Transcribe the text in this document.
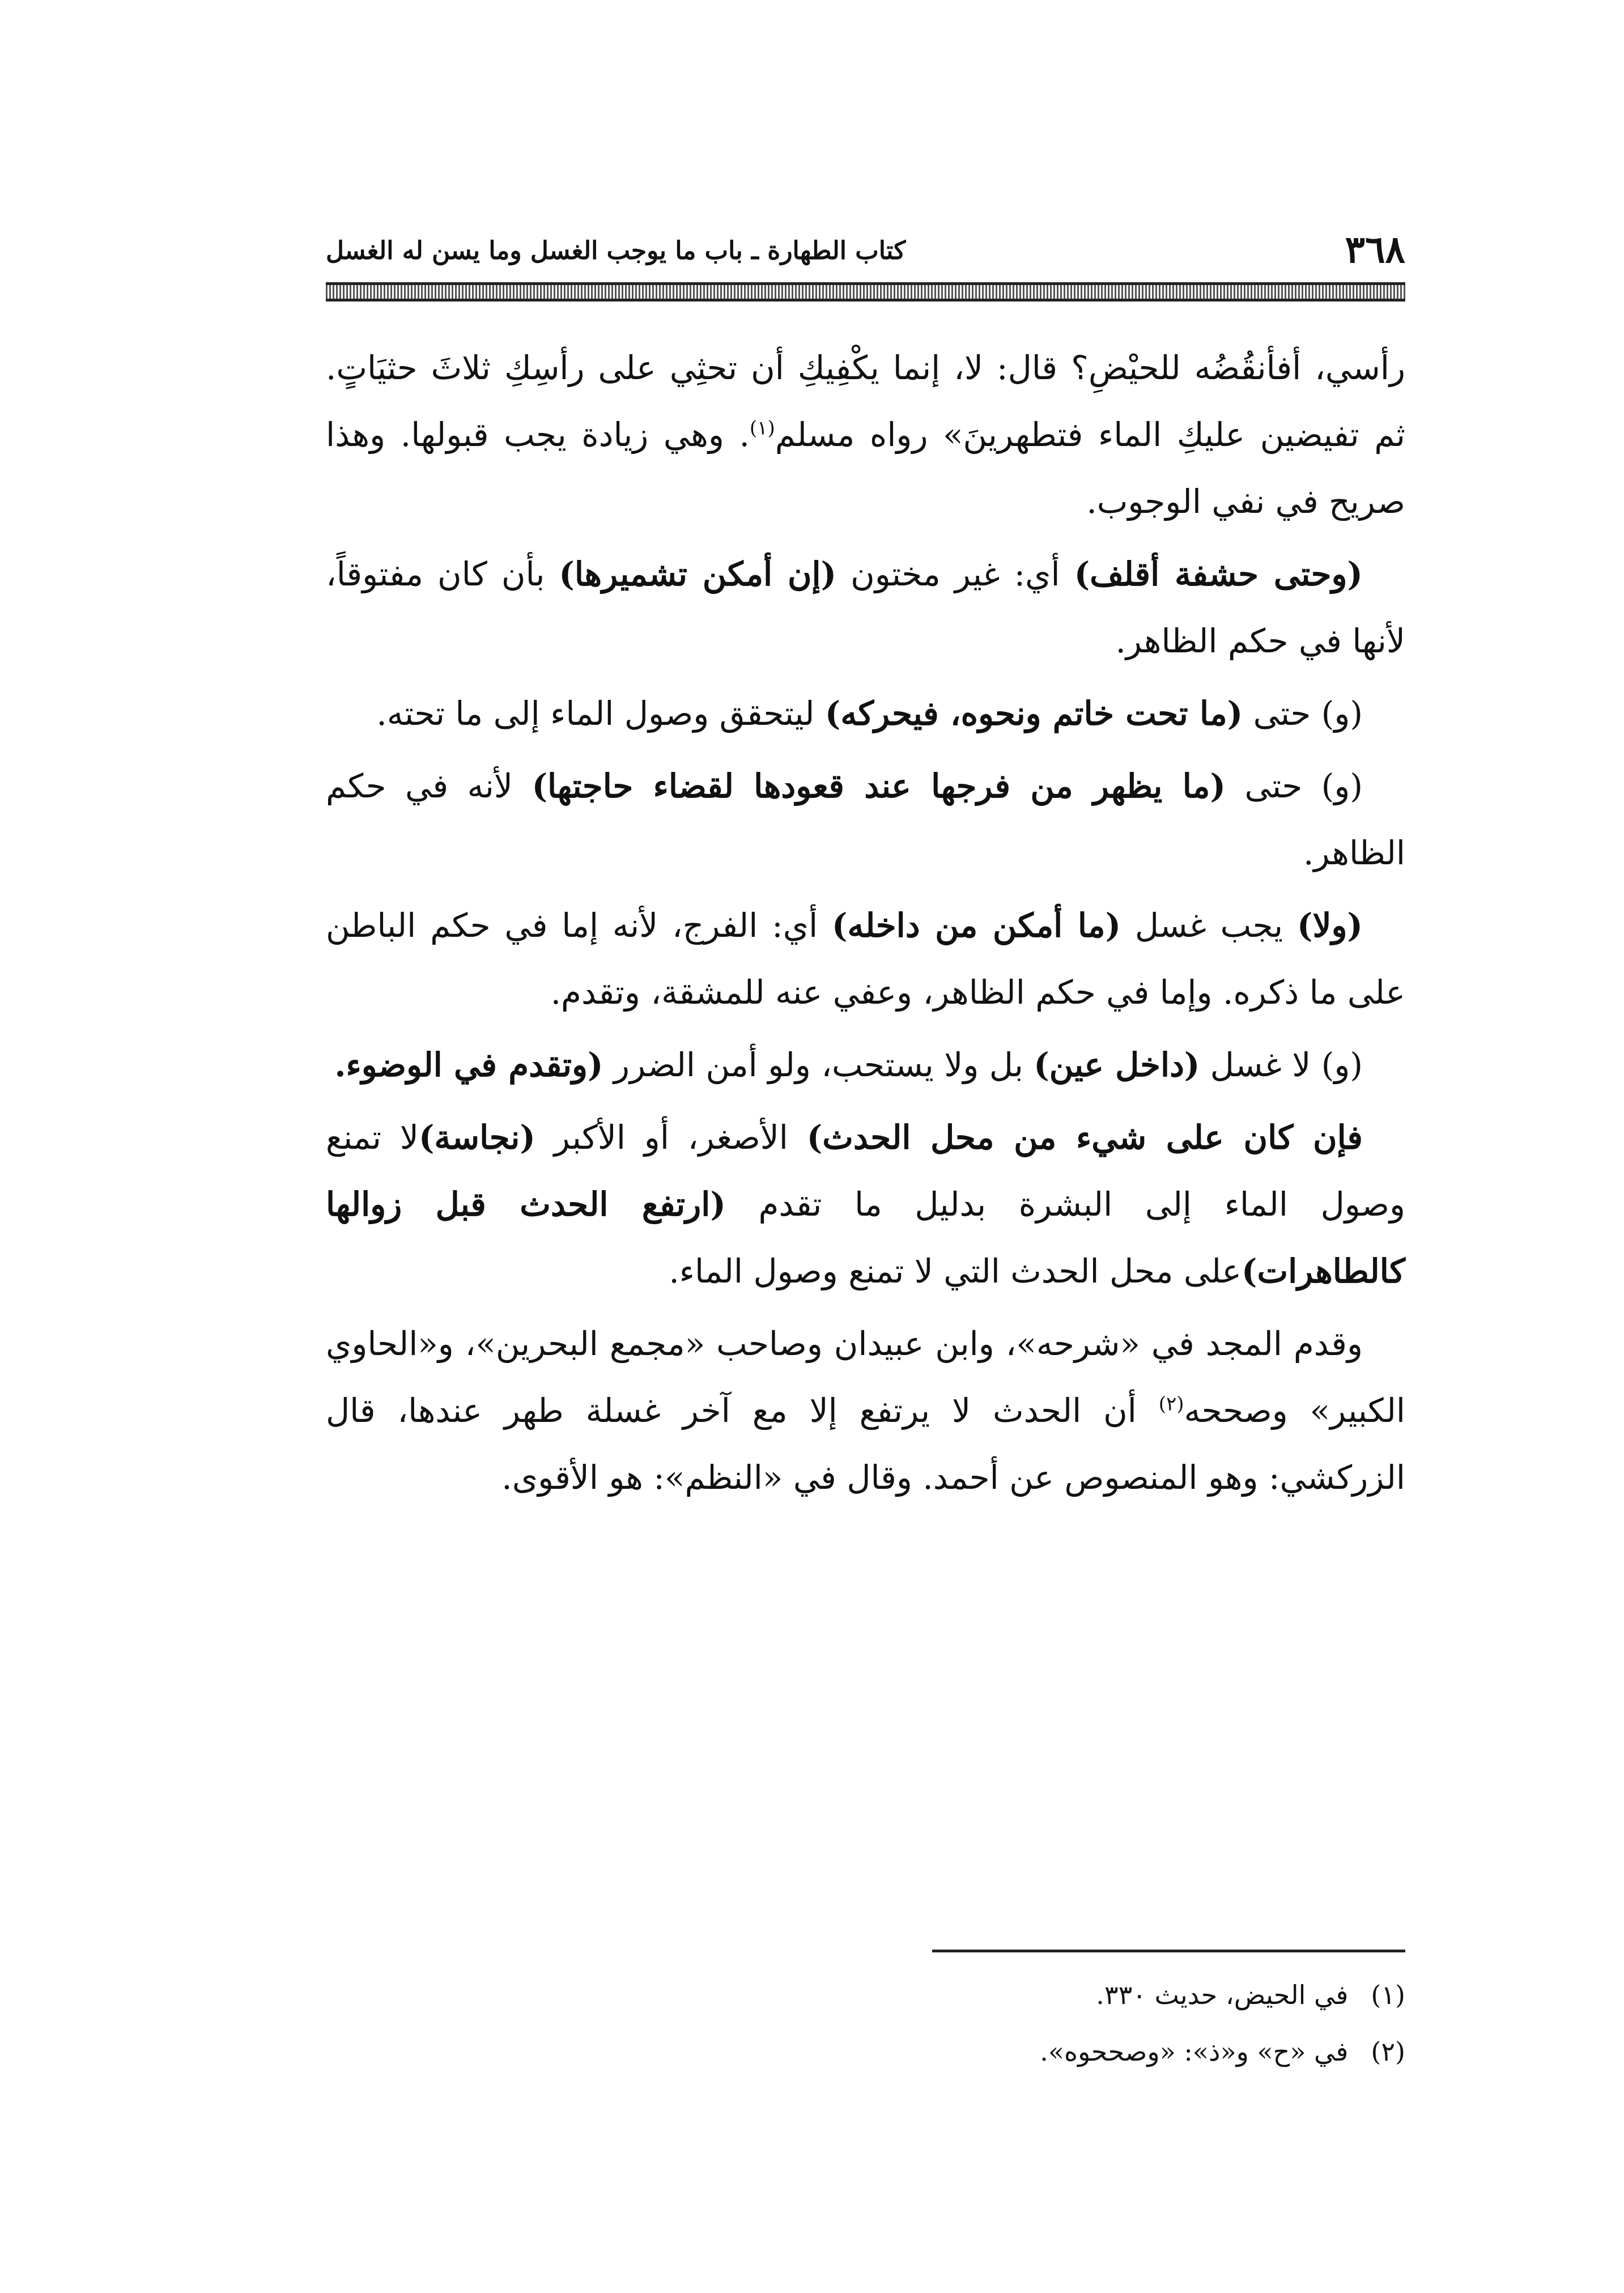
٣٦٨
كتاب الطهارة ـ باب ما يوجب الغسل وما يسن له الغسل

رأسي، أفأنقُضُه للحيْضِ؟ قال: لا، إنما يكْفِيكِ أن تحثِي على رأسِكِ ثلاثَ حثيَاتٍ. ثم تفيضين عليكِ الماء فتطهرينَ» رواه مسلم$^{(١)}$. وهي زيادة يجب قبولها. وهذا صريح في نفي الوجوب.

(وحتى حشفة أقلف) أي: غير مختون (إن أمكن تشميرها) بأن كان مفتوقاً، لأنها في حكم الظاهر.

(و) حتى (ما تحت خاتم ونحوه، فيحركه) ليتحقق وصول الماء إلى ما تحته.

(و) حتى (ما يظهر من فرجها عند قعودها لقضاء حاجتها) لأنه في حكم الظاهر.

(ولا) يجب غسل (ما أمكن من داخله) أي: الفرج، لأنه إما في حكم الباطن على ما ذكره. وإما في حكم الظاهر، وعفي عنه للمشقة، وتقدم.

(و) لا غسل (داخل عين) بل ولا يستحب، ولو أمن الضرر (وتقدم في الوضوء.

فإن كان على شيء من محل الحدث) الأصغر، أو الأكبر (نجاسة)لا تمنع وصول الماء إلى البشرة بدليل ما تقدم (ارتفع الحدث قبل زوالها كالطاهرات)على محل الحدث التي لا تمنع وصول الماء.

وقدم المجد في «شرحه»، وابن عبيدان وصاحب «مجمع البحرين»، و«الحاوي الكبير» وصححه$^{(٢)}$ أن الحدث لا يرتفع إلا مع آخر غسلة طهر عندها، قال الزركشي: وهو المنصوص عن أحمد. وقال في «النظم»: هو الأقوى.

(١)
في الحيض، حديث ٣٣٠.
(٢)
في «ح» و«ذ»: «وصححوه».
